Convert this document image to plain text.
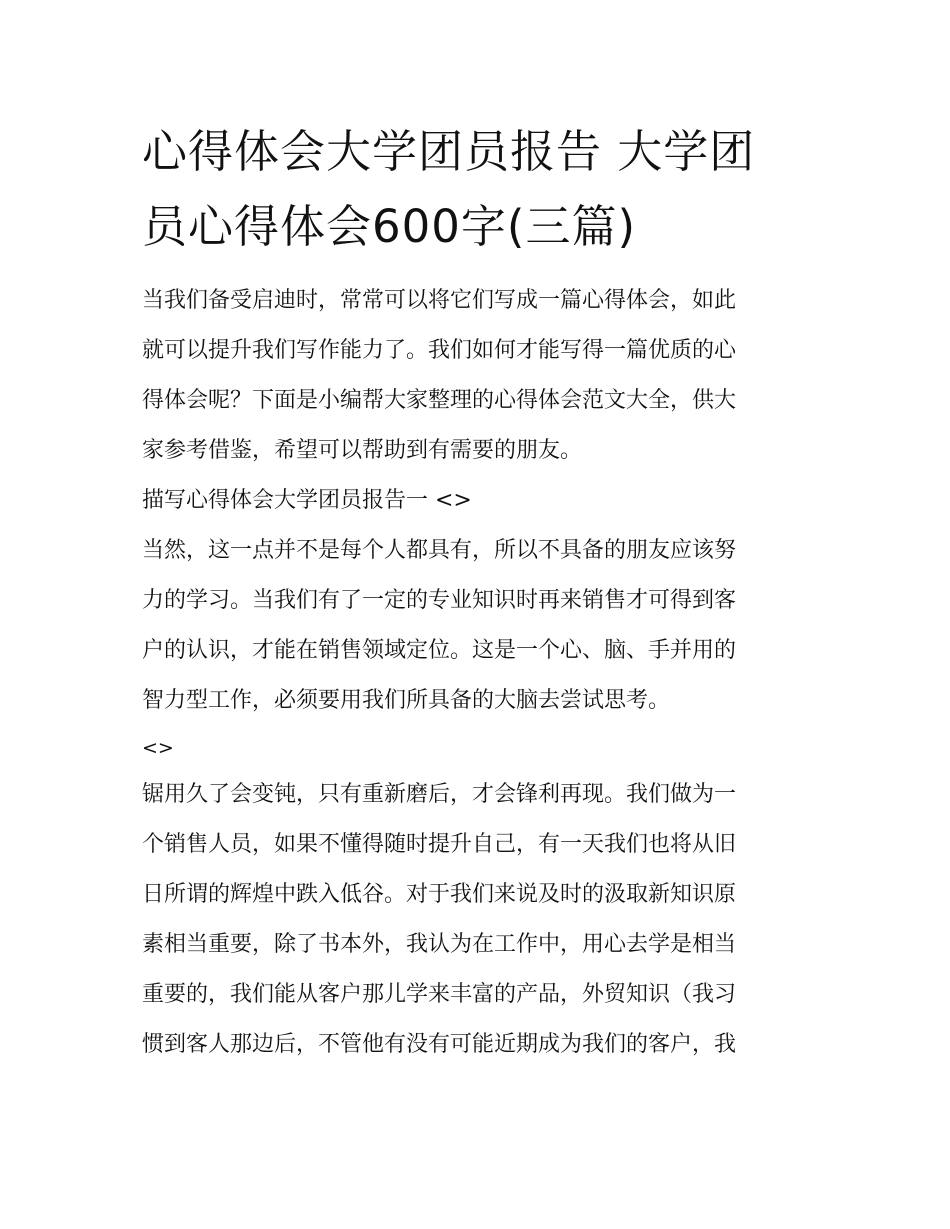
心得体会大学团员报告 大学团
员心得体会600字(三篇)
当我们备受启迪时，常常可以将它们写成一篇心得体会，如此
就可以提升我们写作能力了。我们如何才能写得一篇优质的心
得体会呢？下面是小编帮大家整理的心得体会范文大全，供大
家参考借鉴，希望可以帮助到有需要的朋友。
描写心得体会大学团员报告一 <>
当然，这一点并不是每个人都具有，所以不具备的朋友应该努
力的学习。当我们有了一定的专业知识时再来销售才可得到客
户的认识，才能在销售领域定位。这是一个心、脑、手并用的
智力型工作，必须要用我们所具备的大脑去尝试思考。
<>
锯用久了会变钝，只有重新磨后，才会锋利再现。我们做为一
个销售人员，如果不懂得随时提升自己，有一天我们也将从旧
日所谓的辉煌中跌入低谷。对于我们来说及时的汲取新知识原
素相当重要，除了书本外，我认为在工作中，用心去学是相当
重要的，我们能从客户那儿学来丰富的产品，外贸知识（我习
惯到客人那边后，不管他有没有可能近期成为我们的客户，我
